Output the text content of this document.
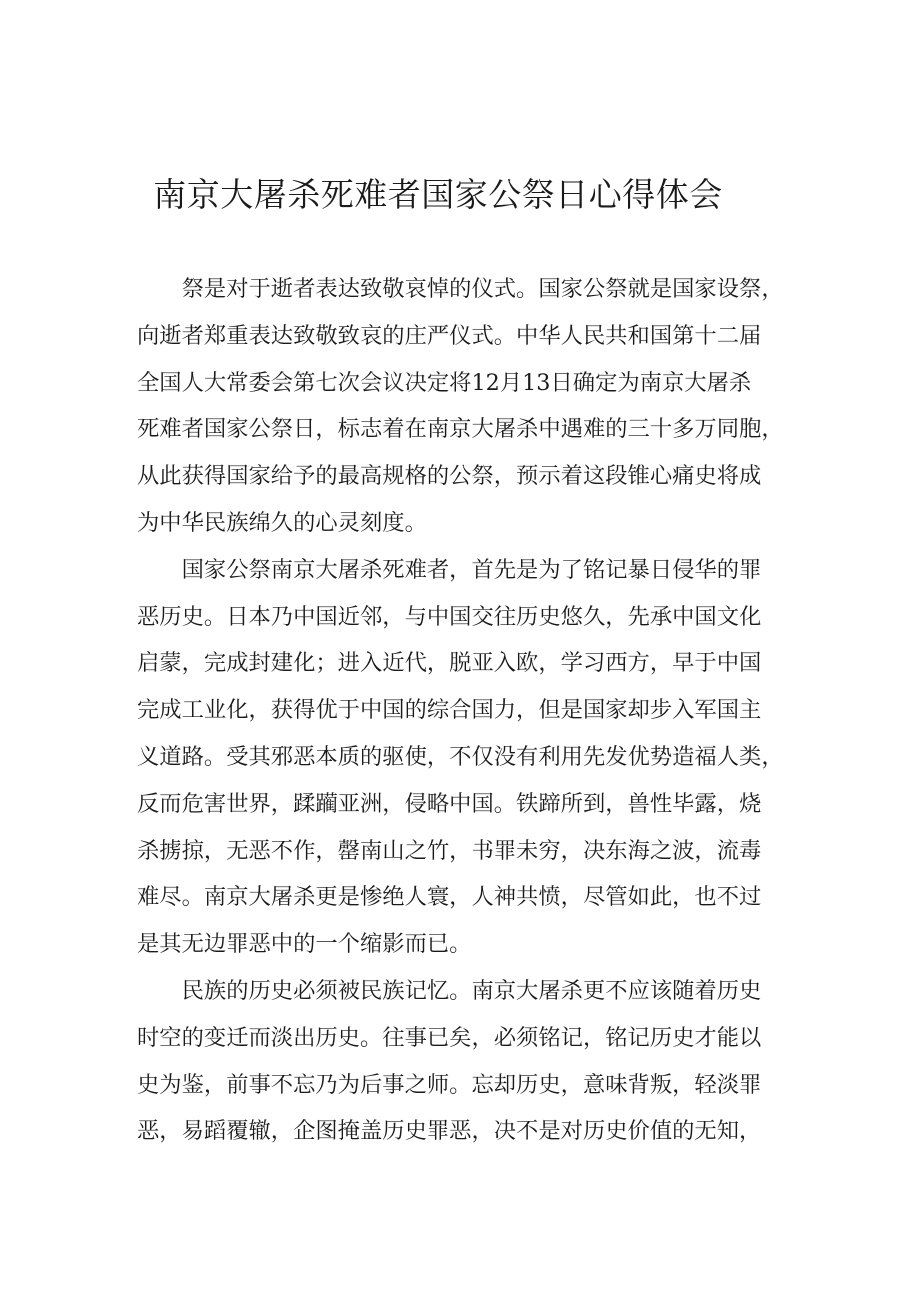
南京大屠杀死难者国家公祭日心得体会
祭是对于逝者表达致敬哀悼的仪式。国家公祭就是国家设祭，
向逝者郑重表达致敬致哀的庄严仪式。中华人民共和国第十二届
全国人大常委会第七次会议决定将12月13日确定为南京大屠杀
死难者国家公祭日，标志着在南京大屠杀中遇难的三十多万同胞，
从此获得国家给予的最高规格的公祭，预示着这段锥心痛史将成
为中华民族绵久的心灵刻度。
国家公祭南京大屠杀死难者，首先是为了铭记暴日侵华的罪
恶历史。日本乃中国近邻，与中国交往历史悠久，先承中国文化
启蒙，完成封建化；进入近代，脱亚入欧，学习西方，早于中国
完成工业化，获得优于中国的综合国力，但是国家却步入军国主
义道路。受其邪恶本质的驱使，不仅没有利用先发优势造福人类，
反而危害世界，蹂躏亚洲，侵略中国。铁蹄所到，兽性毕露，烧
杀掳掠，无恶不作，罄南山之竹，书罪未穷，决东海之波，流毒
难尽。南京大屠杀更是惨绝人寰，人神共愤，尽管如此，也不过
是其无边罪恶中的一个缩影而已。
民族的历史必须被民族记忆。南京大屠杀更不应该随着历史
时空的变迁而淡出历史。往事已矣，必须铭记，铭记历史才能以
史为鉴，前事不忘乃为后事之师。忘却历史，意味背叛，轻淡罪
恶，易蹈覆辙，企图掩盖历史罪恶，决不是对历史价值的无知，
